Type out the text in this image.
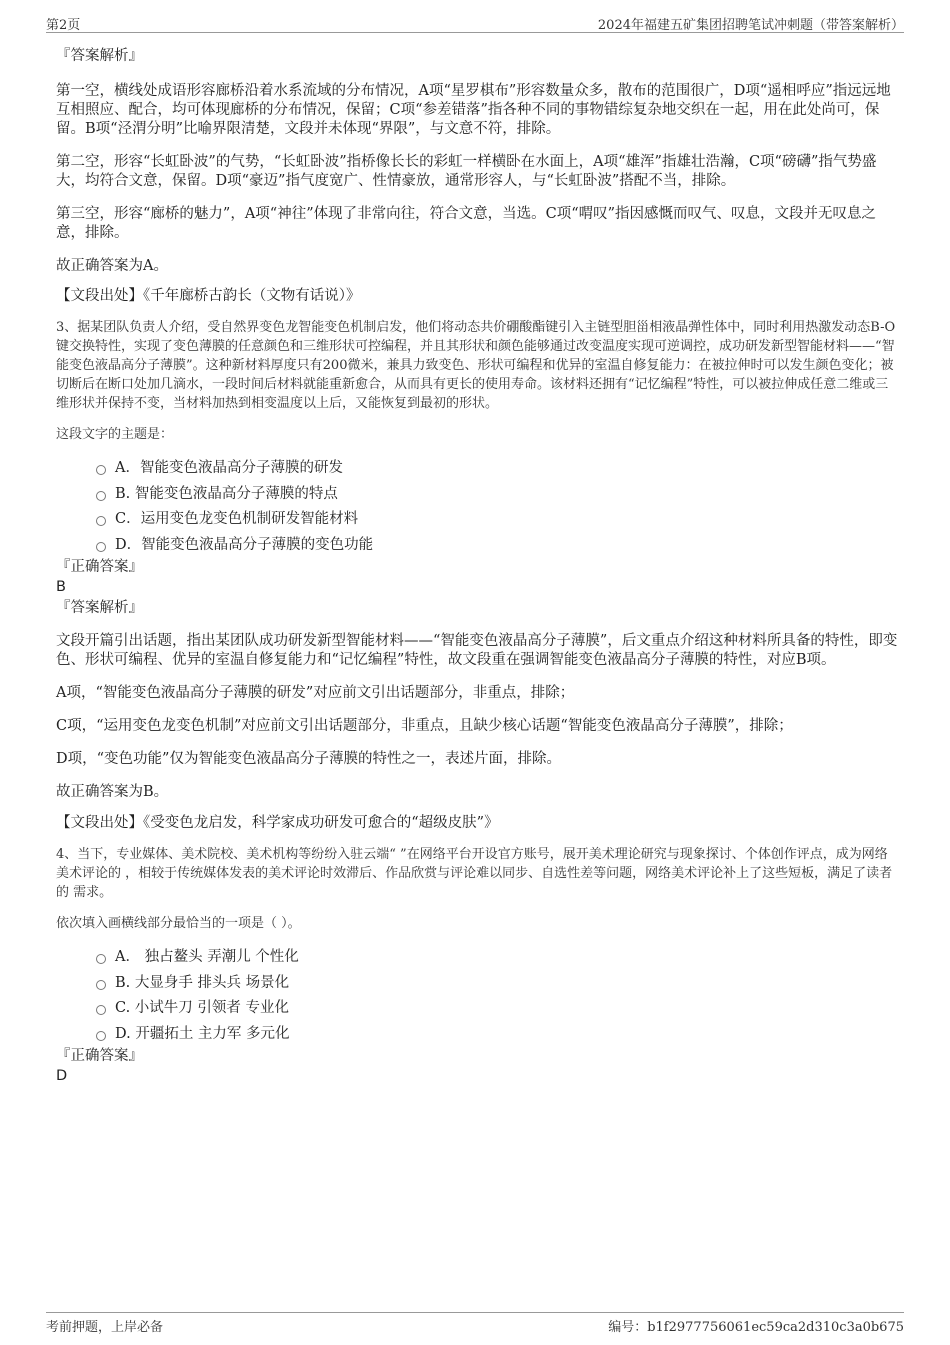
第2页	2024年福建五矿集团招聘笔试冲刺题（带答案解析）

『答案解析』

第一空，横线处成语形容廊桥沿着水系流域的分布情况，A项“星罗棋布”形容数量众多，散布的范围很广，D项“遥相呼应”指远远地互相照应、配合，均可体现廊桥的分布情况，保留；C项“参差错落”指各种不同的事物错综复杂地交织在一起，用在此处尚可，保留。B项“泾渭分明”比喻界限清楚，文段并未体现“界限”，与文意不符，排除。

第二空，形容“长虹卧波”的气势，“长虹卧波”指桥像长长的彩虹一样横卧在水面上，A项“雄浑”指雄壮浩瀚，C项“磅礴”指气势盛大，均符合文意，保留。D项“豪迈”指气度宽广、性情豪放，通常形容人，与“长虹卧波”搭配不当，排除。

第三空，形容“廊桥的魅力”，A项“神往”体现了非常向往，符合文意，当选。C项“喟叹”指因感慨而叹气、叹息，文段并无叹息之意，排除。

故正确答案为A。

【文段出处】《千年廊桥古韵长（文物有话说）》

3、据某团队负责人介绍，受自然界变色龙智能变色机制启发，他们将动态共价硼酸酯键引入主链型胆甾相液晶弹性体中，同时利用热激发动态B-O键交换特性，实现了变色薄膜的任意颜色和三维形状可控编程，并且其形状和颜色能够通过改变温度实现可逆调控，成功研发新型智能材料——“智能变色液晶高分子薄膜”。这种新材料厚度只有200微米，兼具力致变色、形状可编程和优异的室温自修复能力：在被拉伸时可以发生颜色变化；被切断后在断口处加几滴水，一段时间后材料就能重新愈合，从而具有更长的使用寿命。该材料还拥有“记忆编程”特性，可以被拉伸成任意二维或三维形状并保持不变，当材料加热到相变温度以上后，又能恢复到最初的形状。

这段文字的主题是：

A．智能变色液晶高分子薄膜的研发
B. 智能变色液晶高分子薄膜的特点
C．运用变色龙变色机制研发智能材料
D．智能变色液晶高分子薄膜的变色功能

『正确答案』

B

『答案解析』

文段开篇引出话题，指出某团队成功研发新型智能材料——“智能变色液晶高分子薄膜”，后文重点介绍这种材料所具备的特性，即变色、形状可编程、优异的室温自修复能力和“记忆编程”特性，故文段重在强调智能变色液晶高分子薄膜的特性，对应B项。

A项，“智能变色液晶高分子薄膜的研发”对应前文引出话题部分，非重点，排除；

C项，“运用变色龙变色机制”对应前文引出话题部分，非重点，且缺少核心话题“智能变色液晶高分子薄膜”，排除；

D项，“变色功能”仅为智能变色液晶高分子薄膜的特性之一，表述片面，排除。

故正确答案为B。

【文段出处】《受变色龙启发，科学家成功研发可愈合的“超级皮肤”》

4、当下，专业媒体、美术院校、美术机构等纷纷入驻云端“ ”在网络平台开设官方账号，展开美术理论研究与现象探讨、个体创作评点，成为网络美术评论的 ，相较于传统媒体发表的美术评论时效滞后、作品欣赏与评论难以同步、自选性差等问题，网络美术评论补上了这些短板，满足了读者的 需求。

依次填入画横线部分最恰当的一项是（ ）。

A． 独占鳌头 弄潮儿 个性化
B. 大显身手 排头兵 场景化
C. 小试牛刀 引领者 专业化
D. 开疆拓土 主力军 多元化

『正确答案』

D

考前押题，上岸必备	编号：b1f2977756061ec59ca2d310c3a0b675
